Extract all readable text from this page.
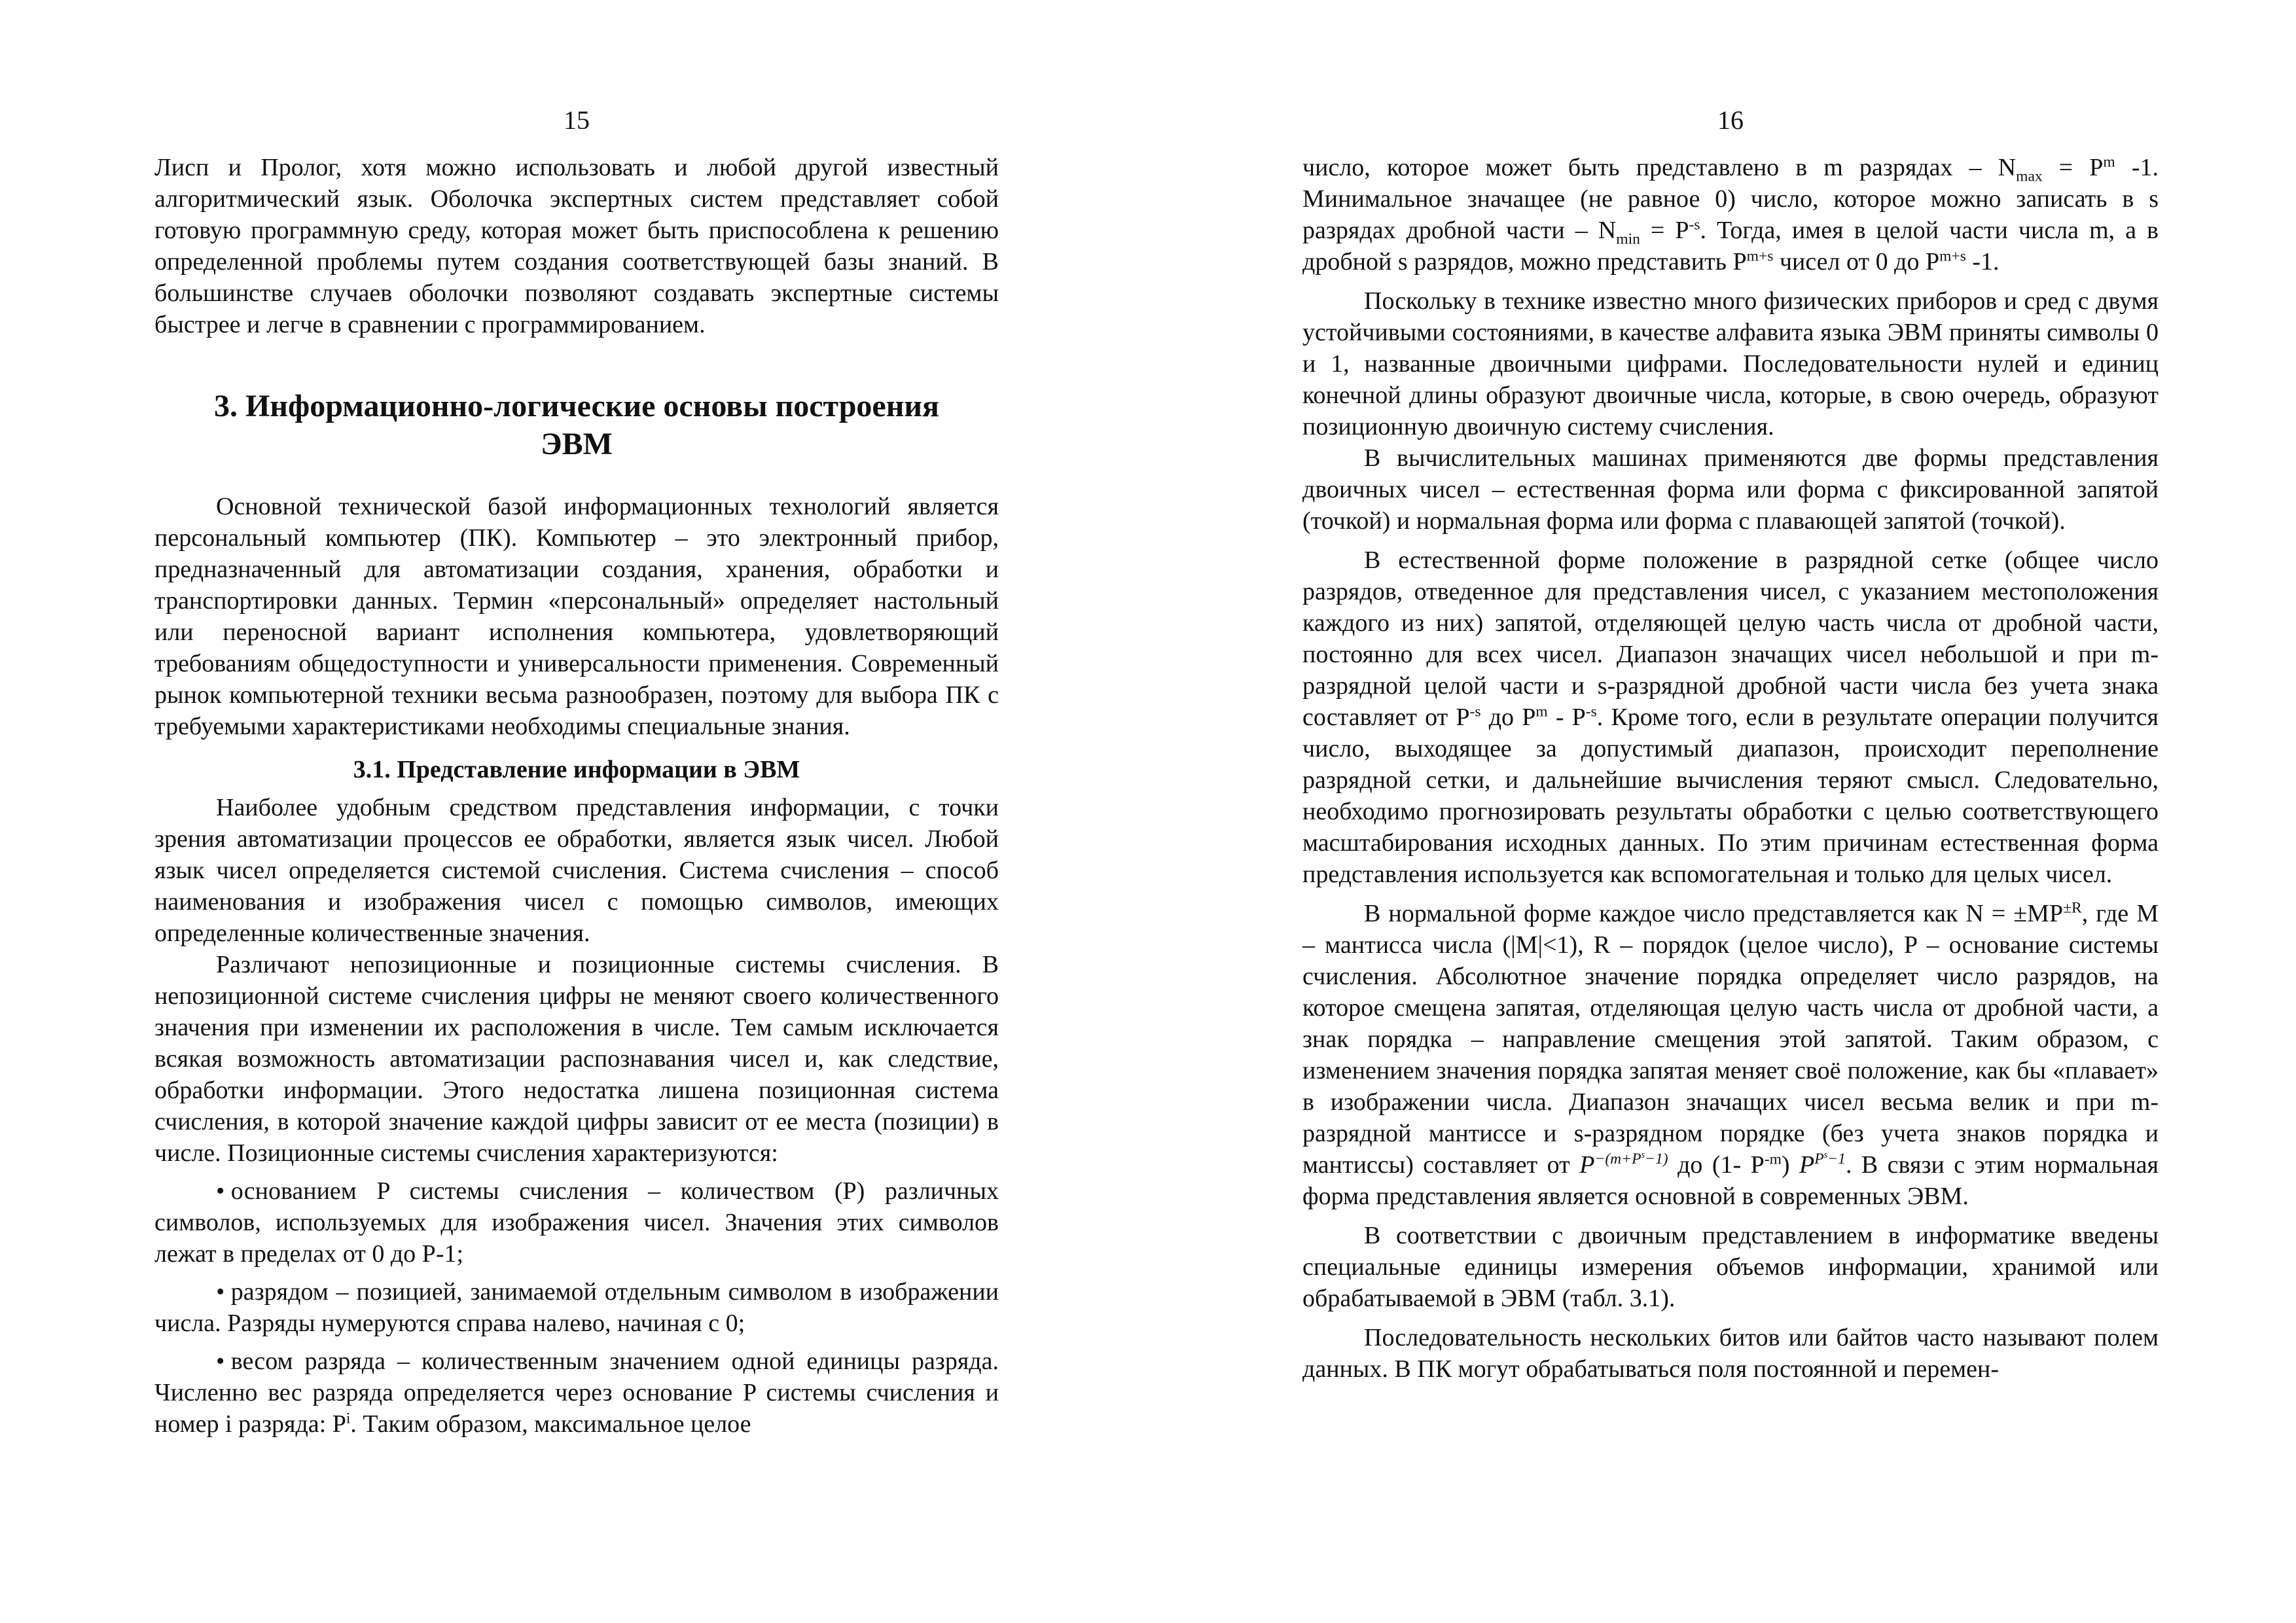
15

Лисп и Пролог, хотя можно использовать и любой другой известный алгоритмический язык. Оболочка экспертных систем представляет собой готовую программную среду, которая может быть приспособлена к решению определенной проблемы путем создания соответствующей базы знаний. В большинстве случаев оболочки позволяют создавать экспертные системы быстрее и легче в сравнении с программированием.

3. Информационно-логические основы построения
ЭВМ

Основной технической базой информационных технологий является персональный компьютер (ПК). Компьютер – это электронный прибор, предназначенный для автоматизации создания, хранения, обработки и транспортировки данных. Термин «персональный» определяет настольный или переносной вариант исполнения компьютера, удовлетворяющий требованиям общедоступности и универсальности применения. Современный рынок компьютерной техники весьма разнообразен, поэтому для выбора ПК с требуемыми характеристиками необходимы специальные знания.

3.1. Представление информации в ЭВМ

Наиболее удобным средством представления информации, с точки зрения автоматизации процессов ее обработки, является язык чисел. Любой язык чисел определяется системой счисления. Система счисления – способ наименования и изображения чисел с помощью символов, имеющих определенные количественные значения.

Различают непозиционные и позиционные системы счисления. В непозиционной системе счисления цифры не меняют своего количественного значения при изменении их расположения в числе. Тем самым исключается всякая возможность автоматизации распознавания чисел и, как следствие, обработки информации. Этого недостатка лишена позиционная система счисления, в которой значение каждой цифры зависит от ее места (позиции) в числе. Позиционные системы счисления характеризуются:

• основанием P системы счисления – количеством (P) различных символов, используемых для изображения чисел. Значения этих символов лежат в пределах от 0 до P-1;

• разрядом – позицией, занимаемой отдельным символом в изображении числа. Разряды нумеруются справа налево, начиная с 0;

• весом разряда – количественным значением одной единицы разряда. Численно вес разряда определяется через основание P системы счисления и номер i разряда: $P^i$. Таким образом, максимальное целое

16

число, которое может быть представлено в m разрядах – $N_{max} = P^m$ -1. Минимальное значащее (не равное 0) число, которое можно записать в s разрядах дробной части – $N_{min} = P^{-s}$. Тогда, имея в целой части числа m, а в дробной s разрядов, можно представить $P^{m+s}$ чисел от 0 до $P^{m+s}$ -1.

Поскольку в технике известно много физических приборов и сред с двумя устойчивыми состояниями, в качестве алфавита языка ЭВМ приняты символы 0 и 1, названные двоичными цифрами. Последовательности нулей и единиц конечной длины образуют двоичные числа, которые, в свою очередь, образуют позиционную двоичную систему счисления.

В вычислительных машинах применяются две формы представления двоичных чисел – естественная форма или форма с фиксированной запятой (точкой) и нормальная форма или форма с плавающей запятой (точкой).

В естественной форме положение в разрядной сетке (общее число разрядов, отведенное для представления чисел, с указанием местоположения каждого из них) запятой, отделяющей целую часть числа от дробной части, постоянно для всех чисел. Диапазон значащих чисел небольшой и при m-разрядной целой части и s-разрядной дробной части числа без учета знака составляет от $P^{-s}$ до $P^m - P^{-s}$. Кроме того, если в результате операции получится число, выходящее за допустимый диапазон, происходит переполнение разрядной сетки, и дальнейшие вычисления теряют смысл. Следовательно, необходимо прогнозировать результаты обработки с целью соответствующего масштабирования исходных данных. По этим причинам естественная форма представления используется как вспомогательная и только для целых чисел.

В нормальной форме каждое число представляется как $N = \pm MP^{\pm R}$, где M – мантисса числа (|M|<1), R – порядок (целое число), P – основание системы счисления. Абсолютное значение порядка определяет число разрядов, на которое смещена запятая, отделяющая целую часть числа от дробной части, а знак порядка – направление смещения этой запятой. Таким образом, с изменением значения порядка запятая меняет своё положение, как бы «плавает» в изображении числа. Диапазон значащих чисел весьма велик и при m-разрядной мантиссе и s-разрядном порядке (без учета знаков порядка и мантиссы) составляет от $P^{-(m+P^s-1)}$ до (1- $P^{-m}$) $P^{P^s-1}$. В связи с этим нормальная форма представления является основной в современных ЭВМ.

В соответствии с двоичным представлением в информатике введены специальные единицы измерения объемов информации, хранимой или обрабатываемой в ЭВМ (табл. 3.1).

Последовательность нескольких битов или байтов часто называют полем данных. В ПК могут обрабатываться поля постоянной и перемен-
